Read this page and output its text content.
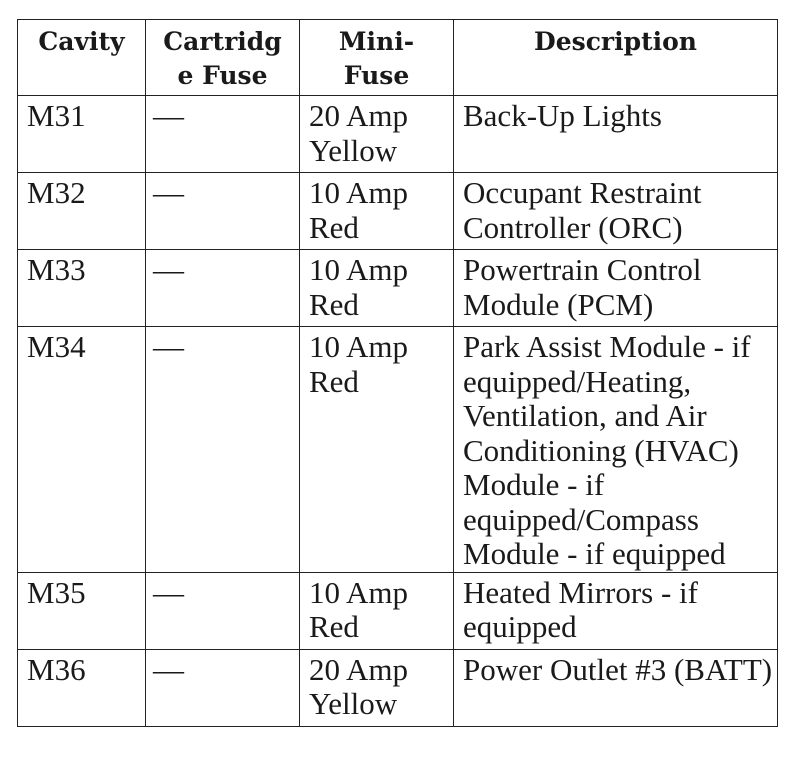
Cavity	Cartridge Fuse	Mini-Fuse	Description
M31	—	20 Amp Yellow	Back-Up Lights
M32	—	10 Amp Red	Occupant Restraint Controller (ORC)
M33	—	10 Amp Red	Powertrain Control Module (PCM)
M34	—	10 Amp Red	Park Assist Module - if equipped/Heating, Ventilation, and Air Conditioning (HVAC) Module - if equipped/Compass Module - if equipped
M35	—	10 Amp Red	Heated Mirrors - if equipped
M36	—	20 Amp Yellow	Power Outlet #3 (BATT)
